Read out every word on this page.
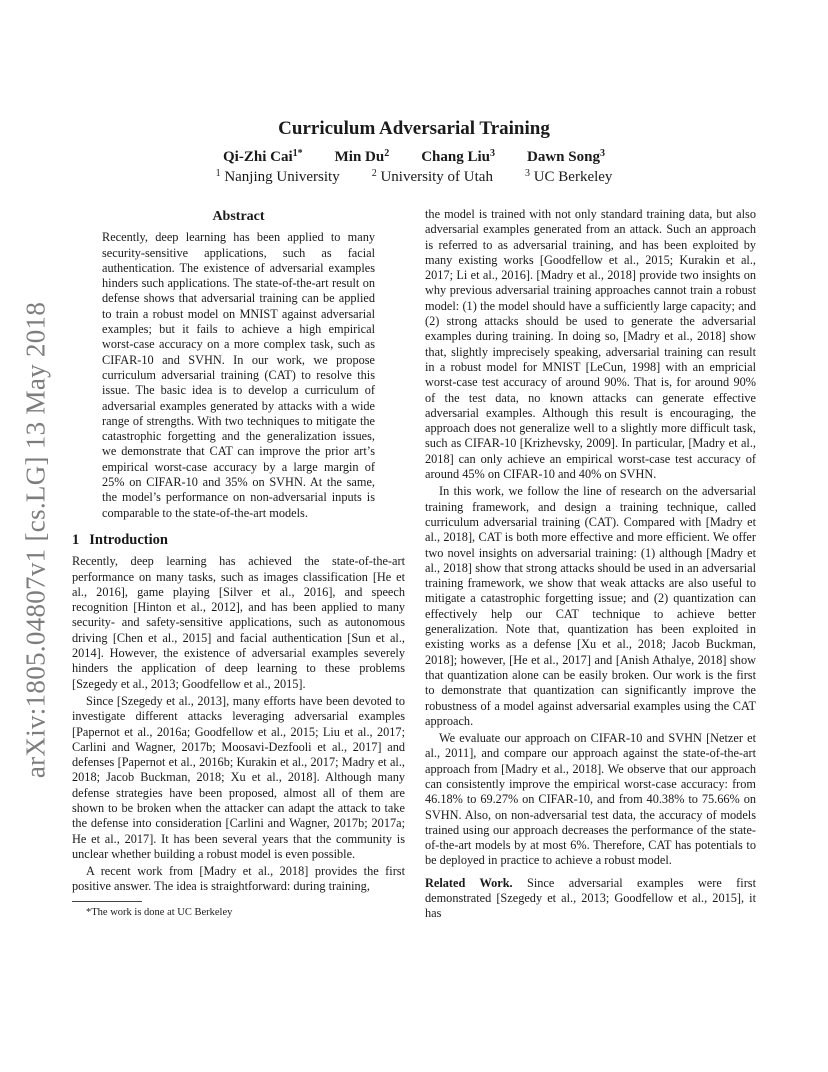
arXiv:1805.04807v1 [cs.LG] 13 May 2018
Curriculum Adversarial Training
Qi-Zhi Cai$^{1*}$ Min Du$^2$ Chang Liu$^3$ Dawn Song$^3$
$^1$ Nanjing University	$^2$ University of Utah	$^3$ UC Berkeley
Abstract

Recently, deep learning has been applied to many security-sensitive applications, such as facial authentication. The existence of adversarial examples hinders such applications. The state-of-the-art result on defense shows that adversarial training can be applied to train a robust model on MNIST against adversarial examples; but it fails to achieve a high empirical worst-case accuracy on a more complex task, such as CIFAR-10 and SVHN. In our work, we propose curriculum adversarial training (CAT) to resolve this issue. The basic idea is to develop a curriculum of adversarial examples generated by attacks with a wide range of strengths. With two techniques to mitigate the catastrophic forgetting and the generalization issues, we demonstrate that CAT can improve the prior art’s empirical worst-case accuracy by a large margin of 25% on CIFAR-10 and 35% on SVHN. At the same, the model’s performance on non-adversarial inputs is comparable to the state-of-the-art models.

1 Introduction

Recently, deep learning has achieved the state-of-the-art performance on many tasks, such as images classification [He et al., 2016], game playing [Silver et al., 2016], and speech recognition [Hinton et al., 2012], and has been applied to many security- and safety-sensitive applications, such as autonomous driving [Chen et al., 2015] and facial authentication [Sun et al., 2014]. However, the existence of adversarial examples severely hinders the application of deep learning to these problems [Szegedy et al., 2013; Goodfellow et al., 2015].

Since [Szegedy et al., 2013], many efforts have been devoted to investigate different attacks leveraging adversarial examples [Papernot et al., 2016a; Goodfellow et al., 2015; Liu et al., 2017; Carlini and Wagner, 2017b; Moosavi-Dezfooli et al., 2017] and defenses [Papernot et al., 2016b; Kurakin et al., 2017; Madry et al., 2018; Jacob Buckman, 2018; Xu et al., 2018]. Although many defense strategies have been proposed, almost all of them are shown to be broken when the attacker can adapt the attack to take the defense into consideration [Carlini and Wagner, 2017b; 2017a; He et al., 2017]. It has been several years that the community is unclear whether building a robust model is even possible.

A recent work from [Madry et al., 2018] provides the first positive answer. The idea is straightforward: during training,

*The work is done at UC Berkeley

the model is trained with not only standard training data, but also adversarial examples generated from an attack. Such an approach is referred to as adversarial training, and has been exploited by many existing works [Goodfellow et al., 2015; Kurakin et al., 2017; Li et al., 2016]. [Madry et al., 2018] provide two insights on why previous adversarial training approaches cannot train a robust model: (1) the model should have a sufficiently large capacity; and (2) strong attacks should be used to generate the adversarial examples during training. In doing so, [Madry et al., 2018] show that, slightly imprecisely speaking, adversarial training can result in a robust model for MNIST [LeCun, 1998] with an empricial worst-case test accuracy of around 90%. That is, for around 90% of the test data, no known attacks can generate effective adversarial examples. Although this result is encouraging, the approach does not generalize well to a slightly more difficult task, such as CIFAR-10 [Krizhevsky, 2009]. In particular, [Madry et al., 2018] can only achieve an empirical worst-case test accuracy of around 45% on CIFAR-10 and 40% on SVHN.

In this work, we follow the line of research on the adversarial training framework, and design a training technique, called curriculum adversarial training (CAT). Compared with [Madry et al., 2018], CAT is both more effective and more efficient. We offer two novel insights on adversarial training: (1) although [Madry et al., 2018] show that strong attacks should be used in an adversarial training framework, we show that weak attacks are also useful to mitigate a catastrophic forgetting issue; and (2) quantization can effectively help our CAT technique to achieve better generalization. Note that, quantization has been exploited in existing works as a defense [Xu et al., 2018; Jacob Buckman, 2018]; however, [He et al., 2017] and [Anish Athalye, 2018] show that quantization alone can be easily broken. Our work is the first to demonstrate that quantization can significantly improve the robustness of a model against adversarial examples using the CAT approach.

We evaluate our approach on CIFAR-10 and SVHN [Netzer et al., 2011], and compare our approach against the state-of-the-art approach from [Madry et al., 2018]. We observe that our approach can consistently improve the empirical worst-case accuracy: from 46.18% to 69.27% on CIFAR-10, and from 40.38% to 75.66% on SVHN. Also, on non-adversarial test data, the accuracy of models trained using our approach decreases the performance of the state-of-the-art models by at most 6%. Therefore, CAT has potentials to be deployed in practice to achieve a robust model.

Related Work. Since adversarial examples were first demonstrated [Szegedy et al., 2013; Goodfellow et al., 2015], it has
